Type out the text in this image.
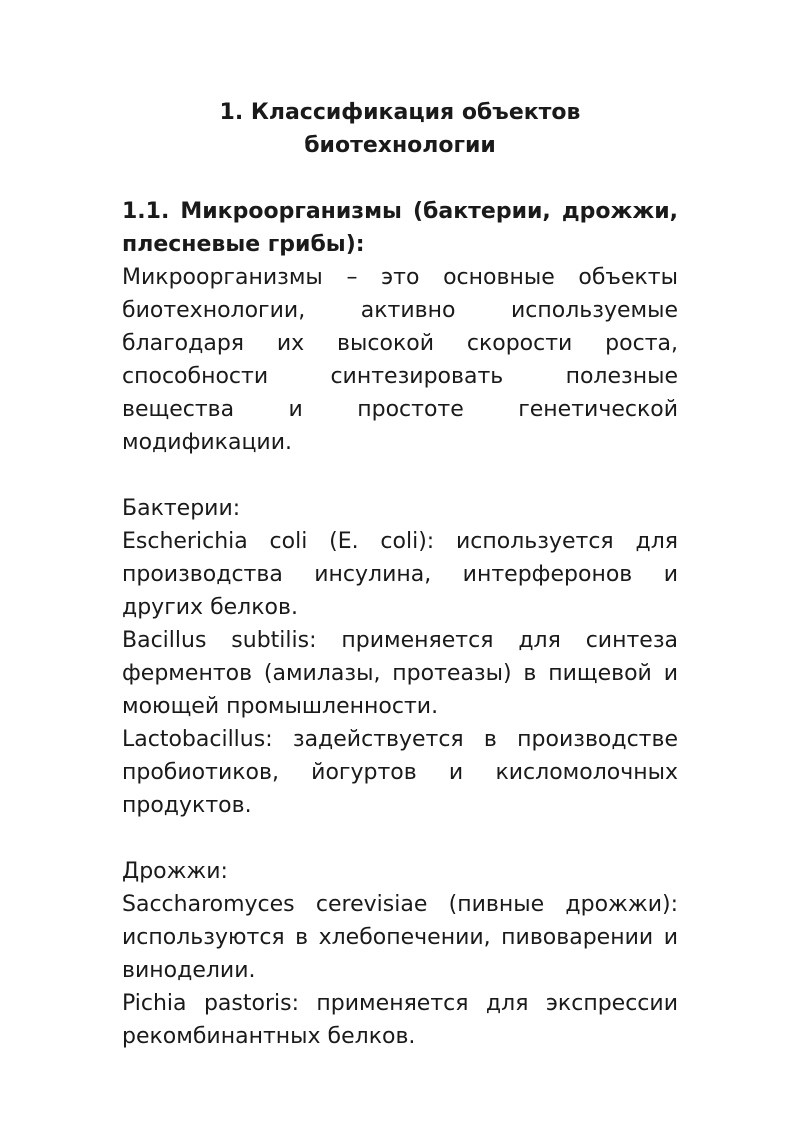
1. Классификация объектов биотехнологии

1.1. Микроорганизмы (бактерии, дрожжи, плесневые грибы):

Микроорганизмы – это основные объекты биотехнологии, активно используемые благодаря их высокой скорости роста, способности синтезировать полезные вещества и простоте генетической модификации.

Бактерии:

Escherichia coli (E. coli): используется для производства инсулина, интерферонов и других белков.

Bacillus subtilis: применяется для синтеза ферментов (амилазы, протеазы) в пищевой и моющей промышленности.

Lactobacillus: задействуется в производстве пробиотиков, йогуртов и кисломолочных продуктов.

Дрожжи:

Saccharomyces cerevisiae (пивные дрожжи): используются в хлебопечении, пивоварении и виноделии.

Pichia pastoris: применяется для экспрессии рекомбинантных белков.
